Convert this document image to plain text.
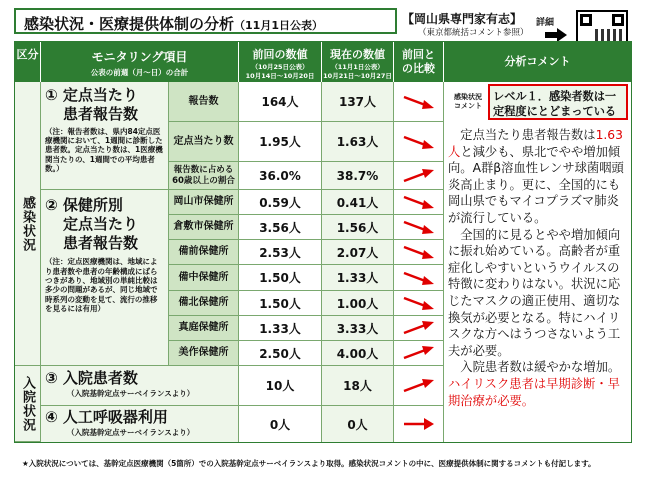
感染状況・医療提供体制の分析（11月1日公表）	【岡山県専門家有志】
（東京都統括コメント参照）
詳細
区分	モニタリング項目
公表の前週（月～日）の合計
前回の数値
（10月25日公表）
10月14日～10月20日
現在の数値
（11月1日公表）
10月21日～10月27日
前回と
の比較
分析コメント
感染状況
入院状況
① 定点当たり
患者報告数
（注：報告者数は、県内84定点医療機関において、1週間に診断した患者数。定点当たり数は、1医療機関当たりの、1週間での平均患者数。）
② 保健所別
定点当たり
患者報告数
（注：定点医療機関は、地域により患者数や患者の年齢構成にばらつきがあり、地域別の単純比較は多少の問題があるが、同じ地域で時系列の変動を見て、流行の推移を見るには有用）
③ 入院患者数
（入院基幹定点サーベイランスより）
④ 人工呼吸器利用
（入院基幹定点サーベイランスより）
報告数
定点当たり数
報告数に占める
60歳以上の割合
岡山市保健所
倉敷市保健所
備前保健所
備中保健所
備北保健所
真庭保健所
美作保健所
164人
1.95人
36.0%
0.59人
3.56人
2.53人
1.50人
1.50人
1.33人
2.50人
10人
0人
137人
1.63人
38.7%
0.41人
1.56人
2.07人
1.33人
1.00人
3.33人
4.00人
18人
0人
感染状況
コメント
レベル１．感染者数は一
定程度にとどまっている

定点当たり患者報告数は1.63人と減少も、県北でやや増加傾向。A群β溶血性レンサ球菌咽頭炎高止まり。更に、全国的にも岡山県でもマイコプラズマ肺炎が流行している。

全国的に見るとやや増加傾向に振れ始めている。高齢者が重症化しやすいというウイルスの特徴に変わりはない。状況に応じたマスクの適正使用、適切な換気が必要となる。特にハイリスクな方へはうつさないよう工夫が必要。

入院患者数は緩やかな増加。ハイリスク患者は早期診断・早期治療が必要。

★入院状況については、基幹定点医療機関（5箇所）での入院基幹定点サーベイランスより取得。感染状況コメントの中に、医療提供体制に関するコメントも付記します。
